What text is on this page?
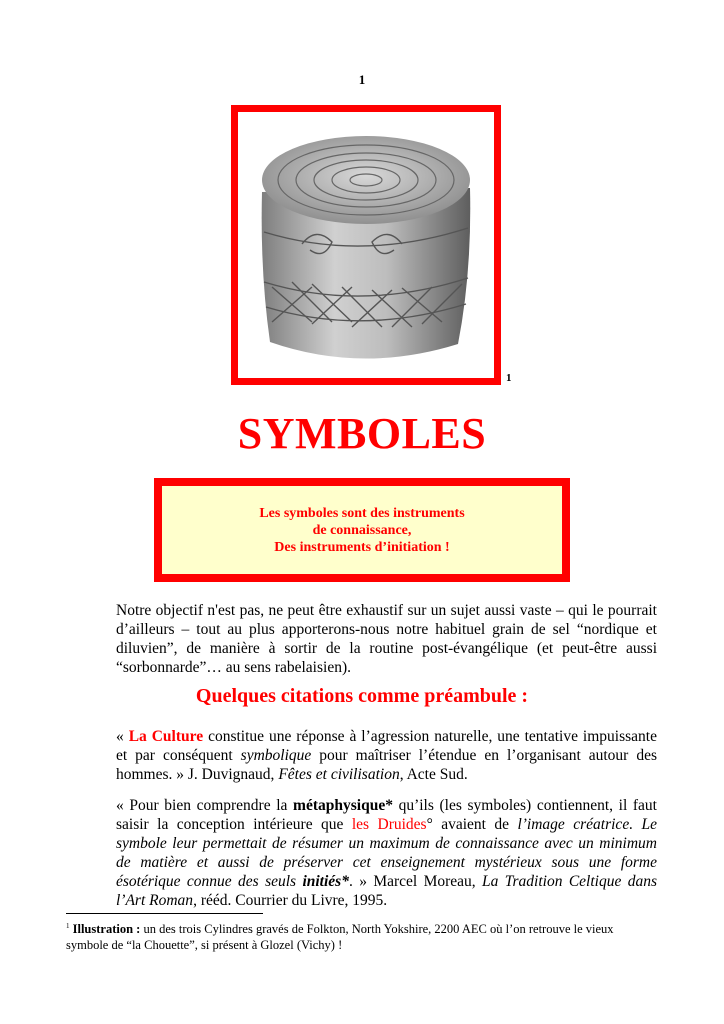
1
1
SYMBOLES
Les symboles sont des instruments
de connaissance,
Des instruments d’initiation !
Notre objectif n'est pas, ne peut être exhaustif sur un sujet aussi vaste – qui le pourrait d’ailleurs – tout au plus apporterons-nous notre habituel grain de sel “nordique et diluvien”, de manière à sortir de la routine post-évangélique (et peut-être aussi “sorbonnarde”… au sens rabelaisien).
Quelques citations comme préambule :
« La Culture constitue une réponse à l’agression naturelle, une tentative impuissante et par conséquent symbolique pour maîtriser l’étendue en l’organisant autour des hommes. » J. Duvignaud, Fêtes et civilisation, Acte Sud.
« Pour bien comprendre la métaphysique* qu’ils (les symboles) contiennent, il faut saisir la conception intérieure que les Druides° avaient de l’image créatrice. Le symbole leur permettait de résumer un maximum de connaissance avec un minimum de matière et aussi de préserver cet enseignement mystérieux sous une forme ésotérique connue des seuls initiés*. » Marcel Moreau, La Tradition Celtique dans l’Art Roman, rééd. Courrier du Livre, 1995.
$^1$ Illustration : un des trois Cylindres gravés de Folkton, North Yokshire, 2200 AEC où l’on retrouve le vieux symbole de “la Chouette”, si présent à Glozel (Vichy) !
